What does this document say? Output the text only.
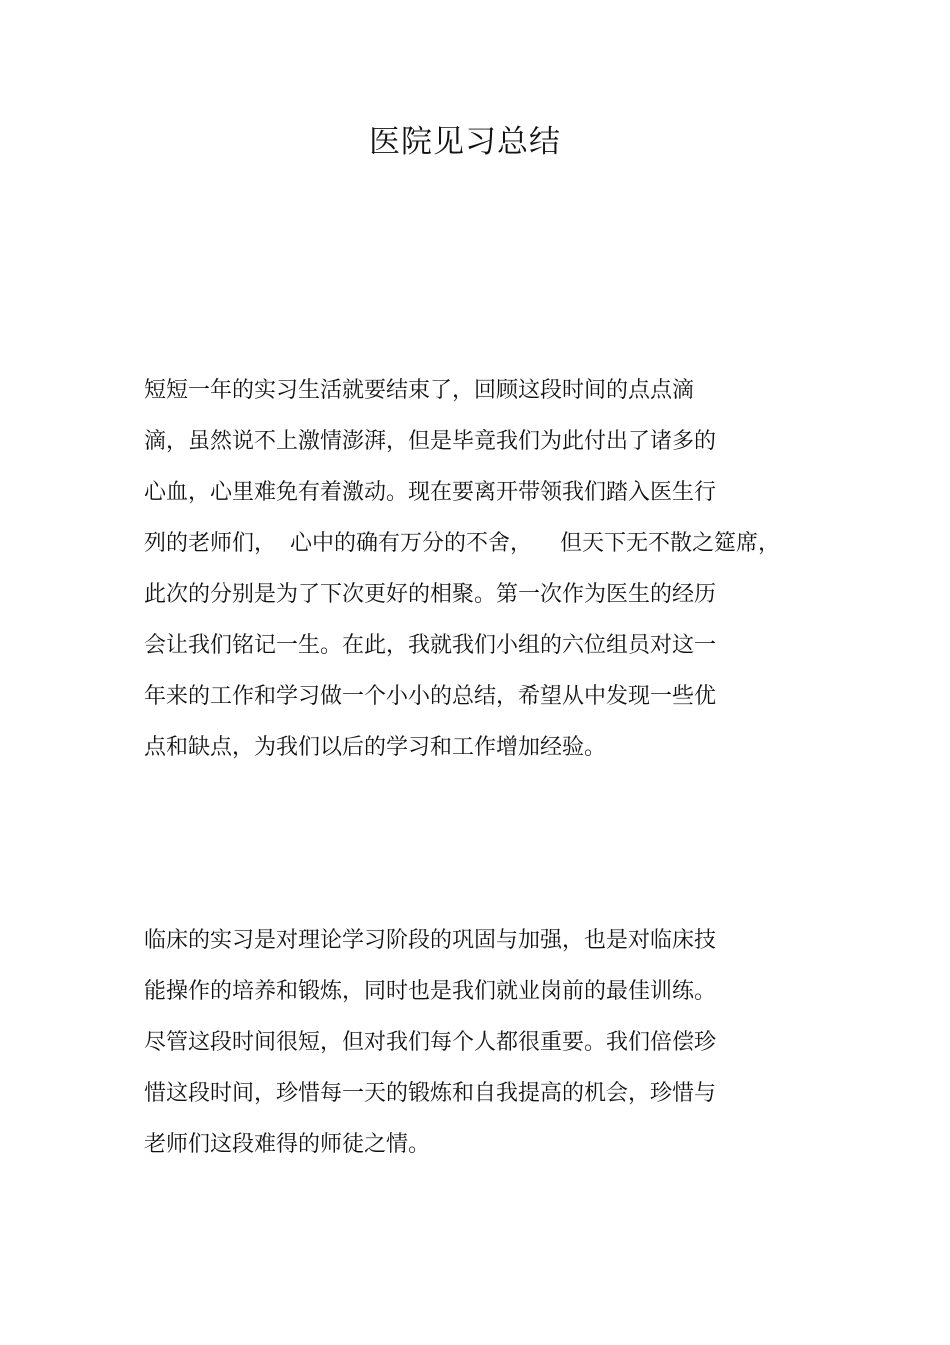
医院见习总结
短短一年的实习生活就要结束了，回顾这段时间的点点滴
滴，虽然说不上激情澎湃，但是毕竟我们为此付出了诸多的
心血，心里难免有着激动。现在要离开带领我们踏入医生行
列的老师们，  心中的确有万分的不舍，    但天下无不散之筵席，
此次的分别是为了下次更好的相聚。第一次作为医生的经历
会让我们铭记一生。在此，我就我们小组的六位组员对这一
年来的工作和学习做一个小小的总结，希望从中发现一些优
点和缺点，为我们以后的学习和工作增加经验。
临床的实习是对理论学习阶段的巩固与加强，也是对临床技
能操作的培养和锻炼，同时也是我们就业岗前的最佳训练。
尽管这段时间很短，但对我们每个人都很重要。我们倍偿珍
惜这段时间，珍惜每一天的锻炼和自我提高的机会，珍惜与
老师们这段难得的师徒之情。
